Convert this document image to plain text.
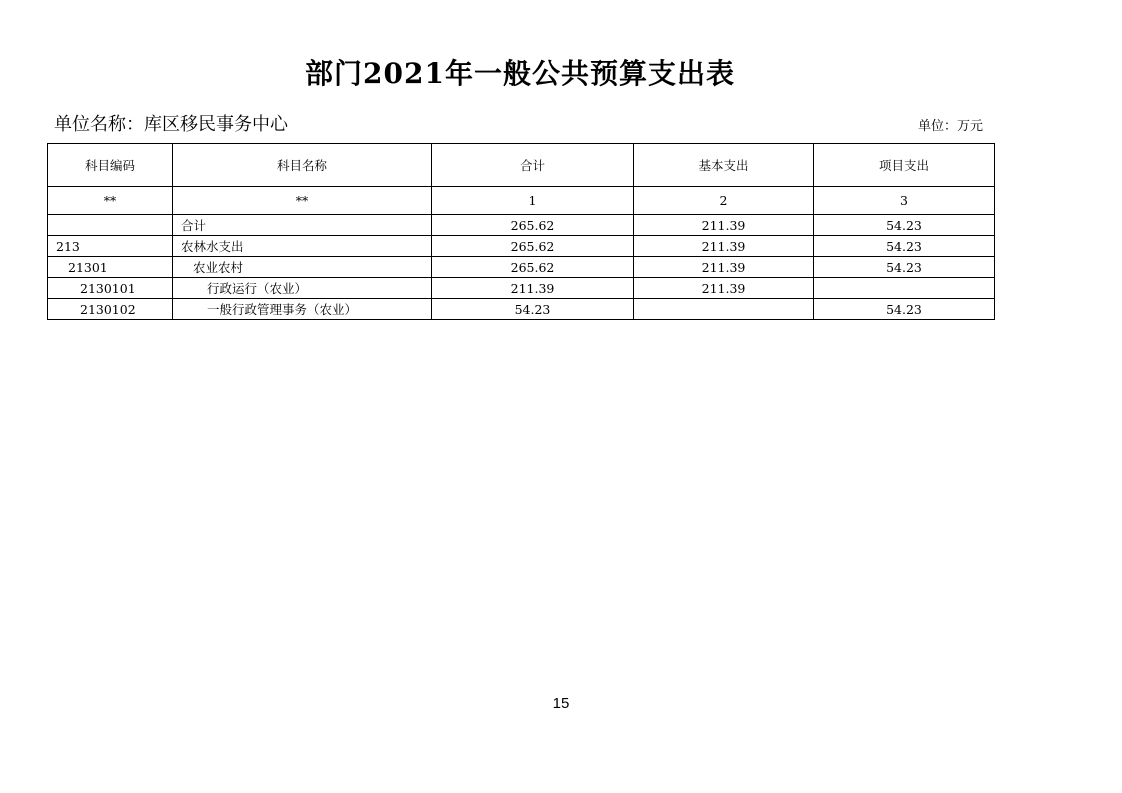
部门2021年一般公共预算支出表
单位名称：库区移民事务中心	单位：万元
科目编码	科目名称	合计	基本支出	项目支出
**	**	1	2	3
	合计	265.62	211.39	54.23
213	农林水支出	265.62	211.39	54.23
21301	农业农村	265.62	211.39	54.23
2130101	行政运行（农业）	211.39	211.39	
2130102	一般行政管理事务（农业）	54.23		54.23
15
